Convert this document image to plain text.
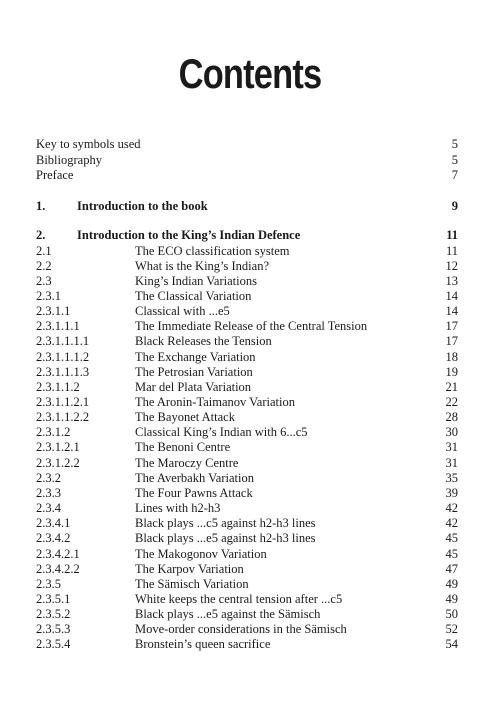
Contents
Key to symbols used	5
Bibliography	5
Preface	7
1.	Introduction to the book	9
2.	Introduction to the King’s Indian Defence	11
2.1	The ECO classification system	11
2.2	What is the King’s Indian?	12
2.3	King’s Indian Variations	13
2.3.1	The Classical Variation	14
2.3.1.1	Classical with ...e5	14
2.3.1.1.1	The Immediate Release of the Central Tension	17
2.3.1.1.1.1	Black Releases the Tension	17
2.3.1.1.1.2	The Exchange Variation	18
2.3.1.1.1.3	The Petrosian Variation	19
2.3.1.1.2	Mar del Plata Variation	21
2.3.1.1.2.1	The Aronin-Taimanov Variation	22
2.3.1.1.2.2	The Bayonet Attack	28
2.3.1.2	Classical King’s Indian with 6...c5	30
2.3.1.2.1	The Benoni Centre	31
2.3.1.2.2	The Maroczy Centre	31
2.3.2	The Averbakh Variation	35
2.3.3	The Four Pawns Attack	39
2.3.4	Lines with h2-h3	42
2.3.4.1	Black plays ...c5 against h2-h3 lines	42
2.3.4.2	Black plays ...e5 against h2-h3 lines	45
2.3.4.2.1	The Makogonov Variation	45
2.3.4.2.2	The Karpov Variation	47
2.3.5	The Sämisch Variation	49
2.3.5.1	White keeps the central tension after ...c5	49
2.3.5.2	Black plays ...e5 against the Sämisch	50
2.3.5.3	Move-order considerations in the Sämisch	52
2.3.5.4	Bronstein’s queen sacrifice	54
